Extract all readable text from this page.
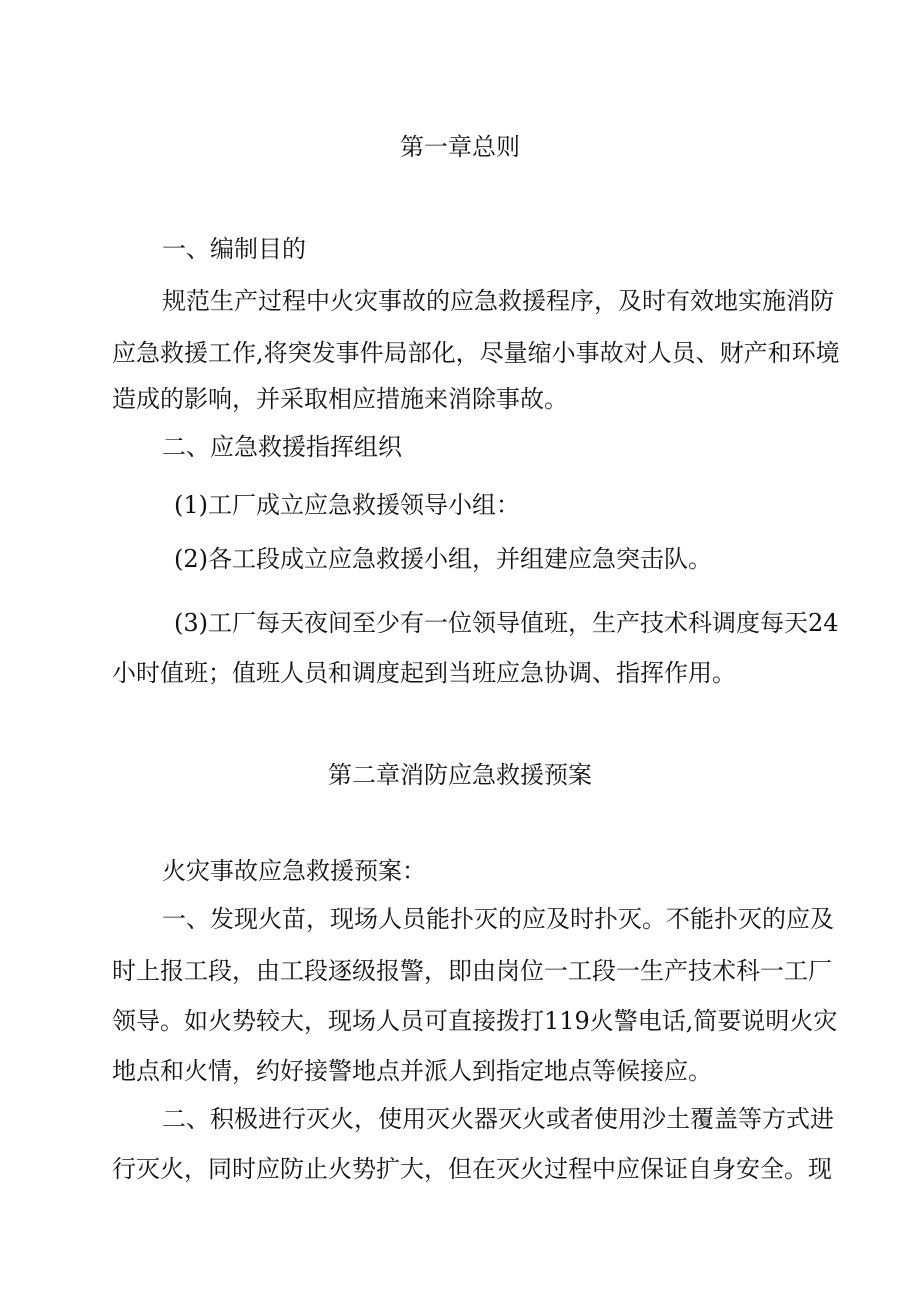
第一章总则
一、编制目的
规范生产过程中火灾事故的应急救援程序，及时有效地实施消防
应急救援工作,将突发事件局部化，尽量缩小事故对人员、财产和环境
造成的影响，并采取相应措施来消除事故。
二、应急救援指挥组织
(1)工厂成立应急救援领导小组：
(2)各工段成立应急救援小组，并组建应急突击队。
(3)工厂每天夜间至少有一位领导值班，生产技术科调度每天24
小时值班；值班人员和调度起到当班应急协调、指挥作用。
第二章消防应急救援预案
火灾事故应急救援预案：
一、发现火苗，现场人员能扑灭的应及时扑灭。不能扑灭的应及
时上报工段，由工段逐级报警，即由岗位一工段一生产技术科一工厂
领导。如火势较大，现场人员可直接拨打119火警电话,简要说明火灾
地点和火情，约好接警地点并派人到指定地点等候接应。
二、积极进行灭火，使用灭火器灭火或者使用沙土覆盖等方式进
行灭火，同时应防止火势扩大，但在灭火过程中应保证自身安全。现
